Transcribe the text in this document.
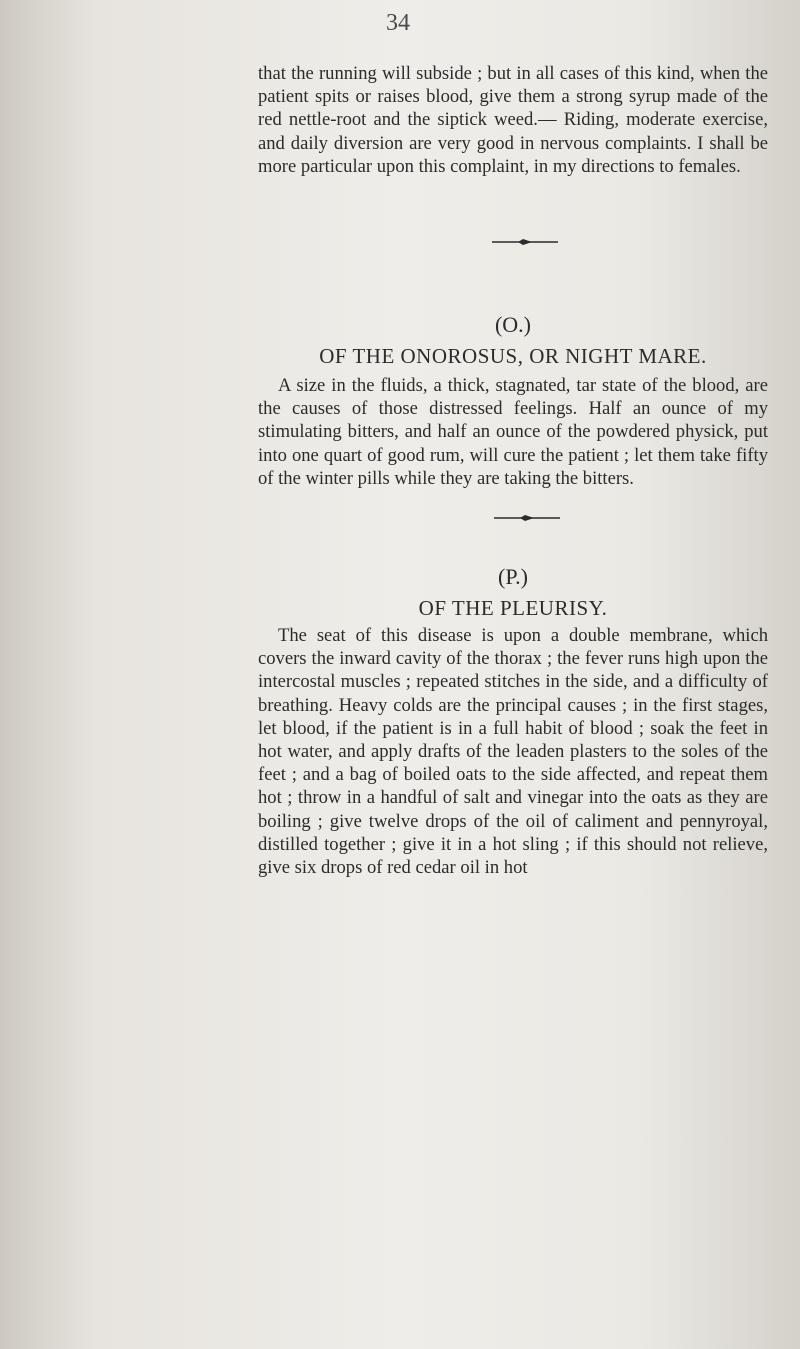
34

that the running will subside ; but in all cases of this kind, when the patient spits or raises blood, give them a strong syrup made of the red nettle-root and the siptick weed.— Riding, moderate exercise, and daily diversion are very good in nervous complaints. I shall be more particular upon this complaint, in my directions to females.

(O.)
OF THE ONOROSUS, OR NIGHT MARE.

A size in the fluids, a thick, stagnated, tar state of the blood, are the causes of those distressed feelings. Half an ounce of my stimulating bitters, and half an ounce of the powdered physick, put into one quart of good rum, will cure the patient ; let them take fifty of the winter pills while they are taking the bitters.

(P.)
OF THE PLEURISY.

The seat of this disease is upon a double membrane, which covers the inward cavity of the thorax ; the fever runs high upon the intercostal muscles ; repeated stitches in the side, and a difficulty of breathing. Heavy colds are the principal causes ; in the first stages, let blood, if the patient is in a full habit of blood ; soak the feet in hot water, and apply drafts of the leaden plasters to the soles of the feet ; and a bag of boiled oats to the side affected, and repeat them hot ; throw in a handful of salt and vinegar into the oats as they are boiling ; give twelve drops of the oil of caliment and pennyroyal, distilled together ; give it in a hot sling ; if this should not relieve, give six drops of red cedar oil in hot
